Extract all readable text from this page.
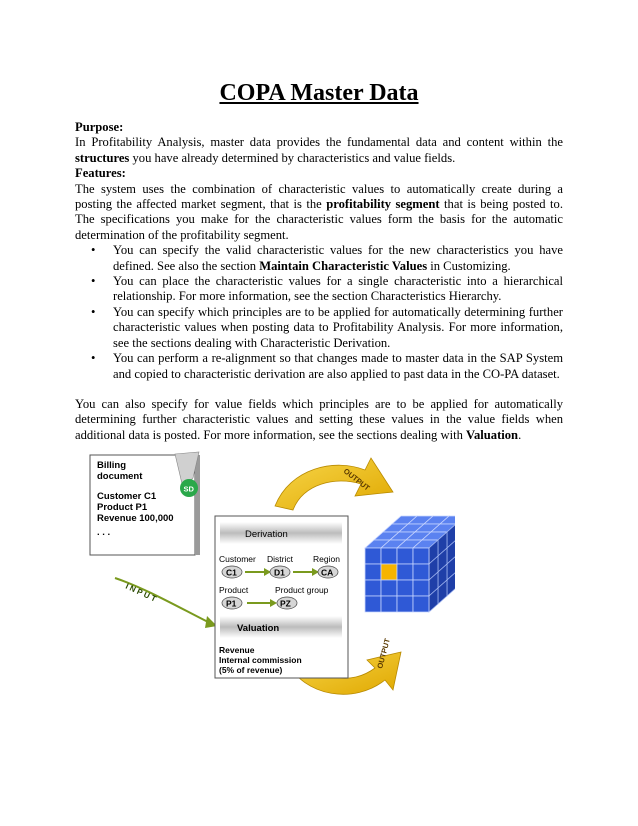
COPA Master Data

Purpose:

In Profitability Analysis, master data provides the fundamental data and content within the structures you have already determined by characteristics and value fields.

Features:

The system uses the combination of characteristic values to automatically create during a posting the affected market segment, that is the profitability segment that is being posted to. The specifications you make for the characteristic values form the basis for the automatic determination of the profitability segment.

• You can specify the valid characteristic values for the new characteristics you have defined. See also the section Maintain Characteristic Values in Customizing.
• You can place the characteristic values for a single characteristic into a hierarchical relationship. For more information, see the section Characteristics Hierarchy.
• You can specify which principles are to be applied for automatically determining further characteristic values when posting data to Profitability Analysis. For more information, see the sections dealing with Characteristic Derivation.
• You can perform a re-alignment so that changes made to master data in the SAP System and copied to characteristic derivation are also applied to past data in the CO-PA dataset.

You can also specify for value fields which principles are to be applied for automatically determining further characteristic values and setting these values in the value fields when additional data is posted. For more information, see the sections dealing with Valuation.

Billing
document
Customer C1
Product P1
Revenue 100,000
. . .
SD
I N P U T
OUTPUT
OUTPUT
Derivation
Customer District Region
C1	D1	CA
Product	Product group
P1	PZ
Valuation
Revenue
Internal commission
(5% of revenue)
